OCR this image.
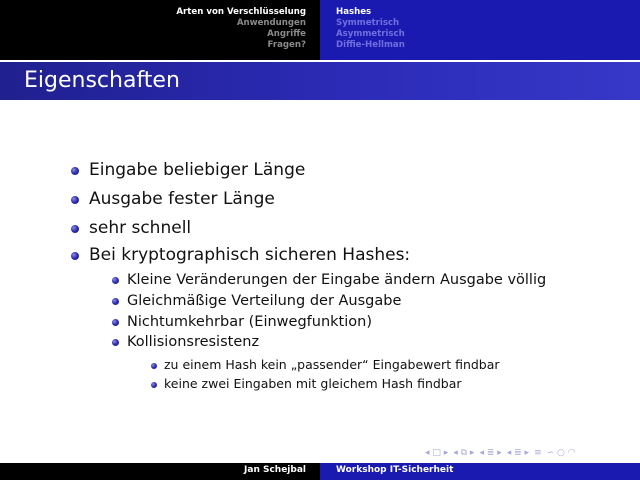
Arten von Verschlüsselung
Anwendungen
Angriffe
Fragen?
Hashes
Symmetrisch
Asymmetrisch
Diffie-Hellman
Eigenschaften
Eingabe beliebiger Länge
Ausgabe fester Länge
sehr schnell
Bei kryptographisch sicheren Hashes:
Kleine Veränderungen der Eingabe ändern Ausgabe völlig
Gleichmäßige Verteilung der Ausgabe
Nichtumkehrbar (Einwegfunktion)
Kollisionsresistenz
zu einem Hash kein „passender“ Eingabewert findbar
keine zwei Eingaben mit gleichem Hash findbar
◂ □ ▸ ◂ ⧉ ▸ ◂ ≣ ▸ ◂ ≣ ▸ ≡ ∽ ○ ◠
Jan Schejbal	Workshop IT-Sicherheit
